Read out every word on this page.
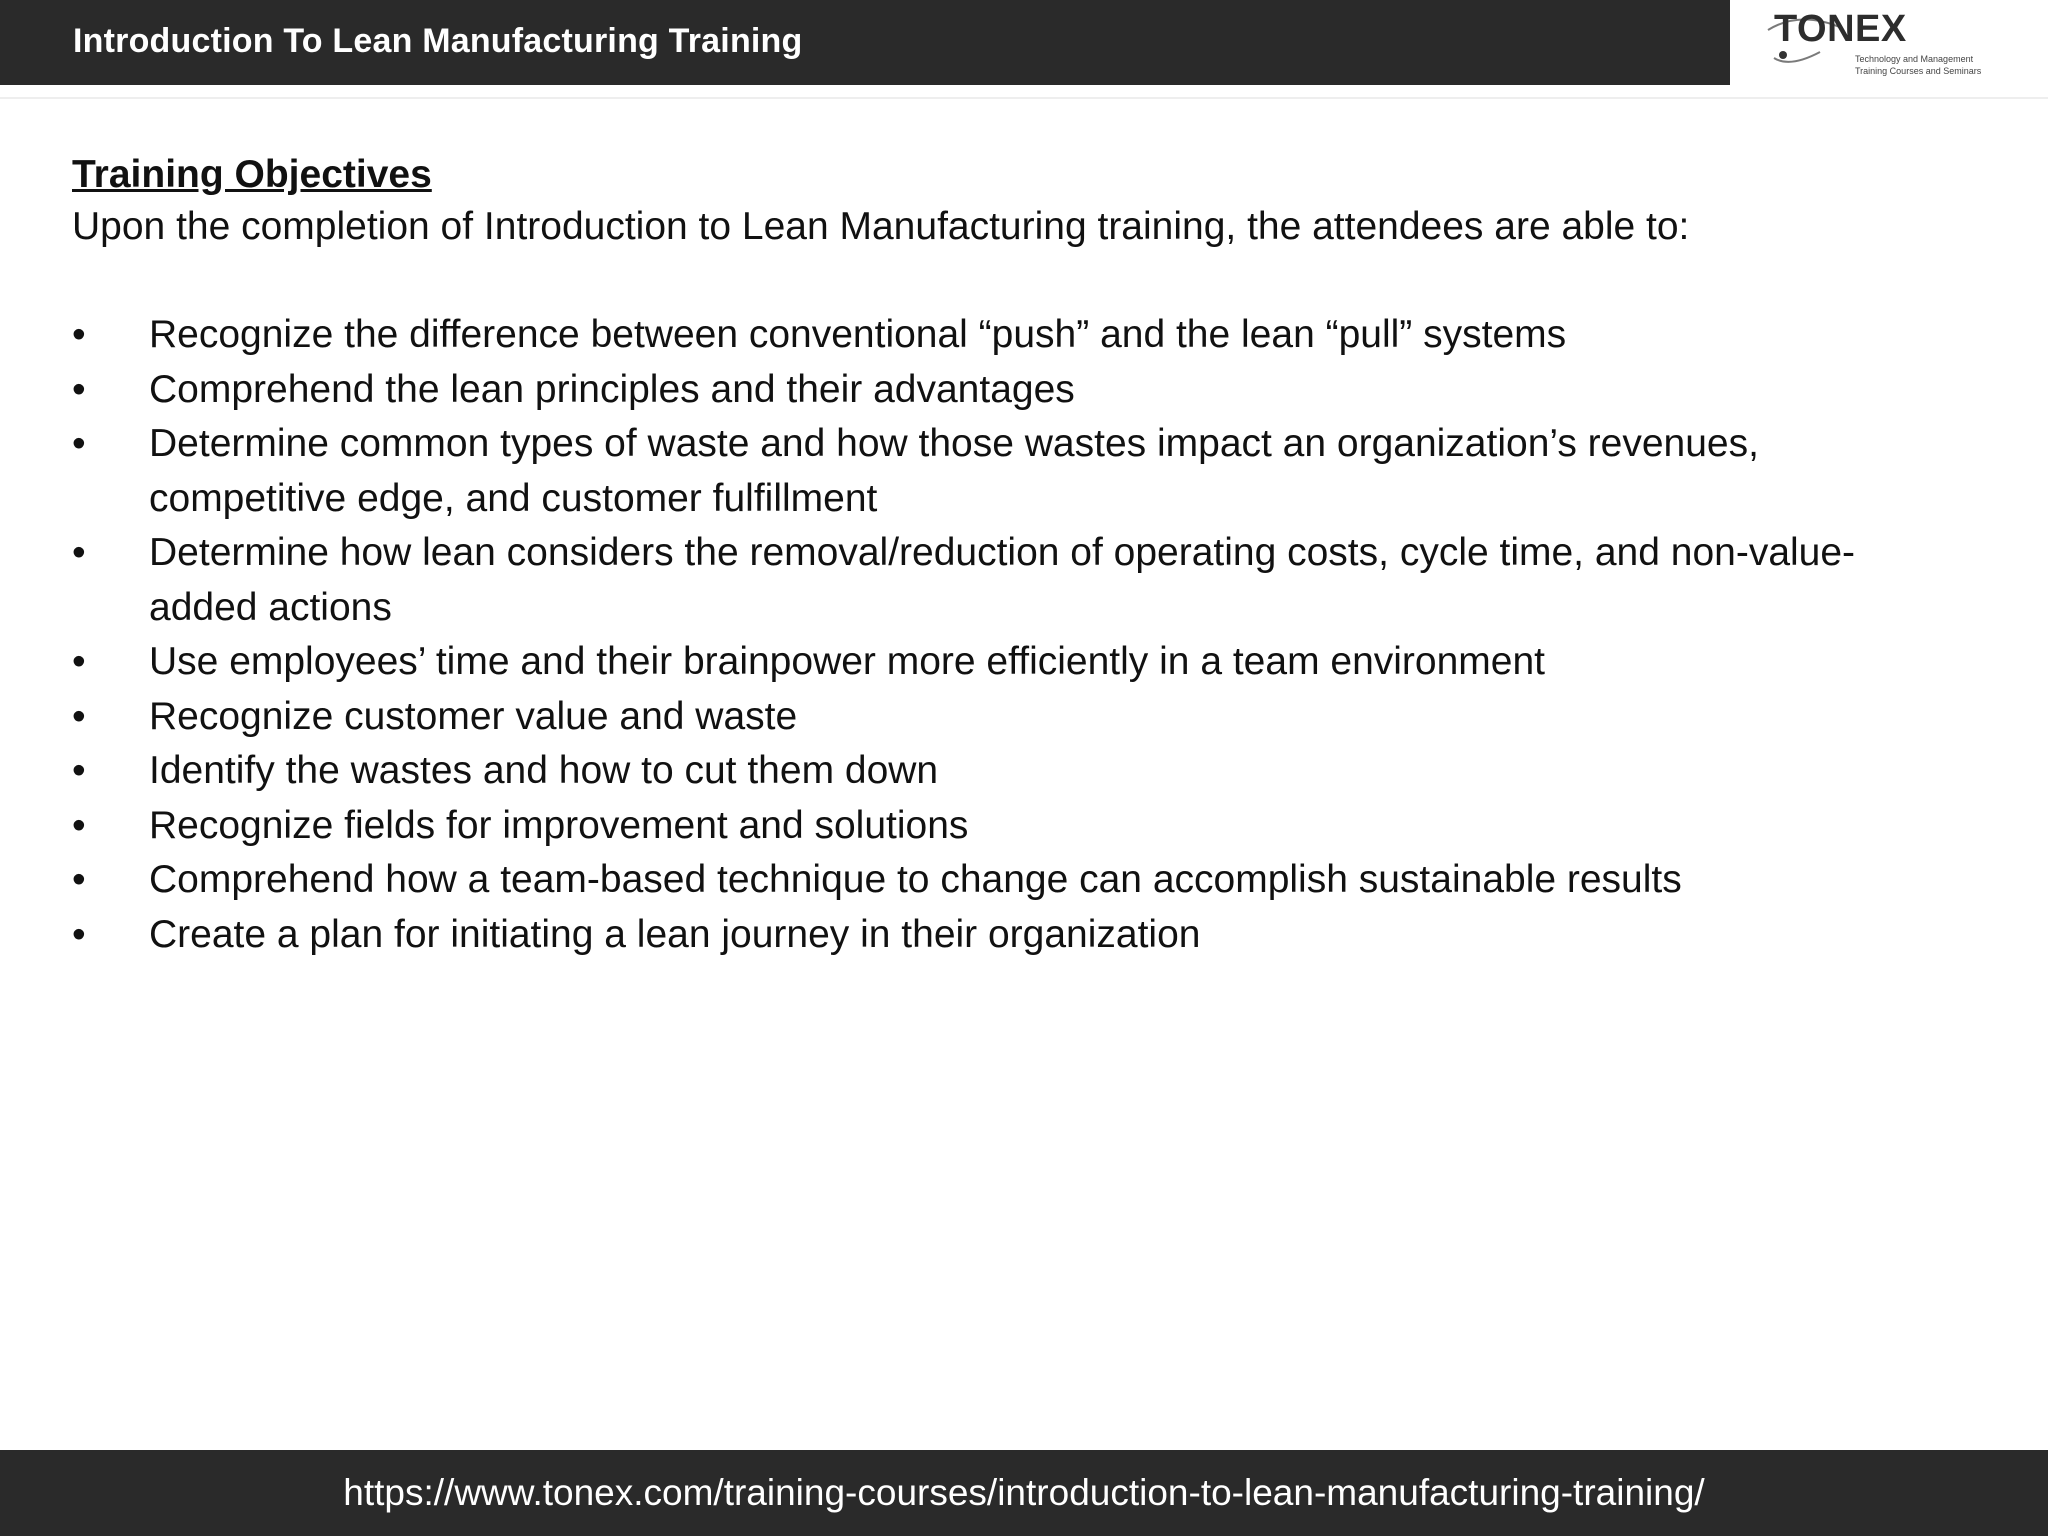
Introduction To Lean Manufacturing Training	TONEX
Technology and Management
Training Courses and Seminars
Training Objectives

Upon the completion of Introduction to Lean Manufacturing training, the attendees are able to:

• Recognize the difference between conventional “push” and the lean “pull” systems
• Comprehend the lean principles and their advantages
• Determine common types of waste and how those wastes impact an organization’s revenues, competitive edge, and customer fulfillment
• Determine how lean considers the removal/reduction of operating costs, cycle time, and non-value-added actions
• Use employees’ time and their brainpower more efficiently in a team environment
• Recognize customer value and waste
• Identify the wastes and how to cut them down
• Recognize fields for improvement and solutions
• Comprehend how a team-based technique to change can accomplish sustainable results
• Create a plan for initiating a lean journey in their organization
https://www.tonex.com/training-courses/introduction-to-lean-manufacturing-training/
